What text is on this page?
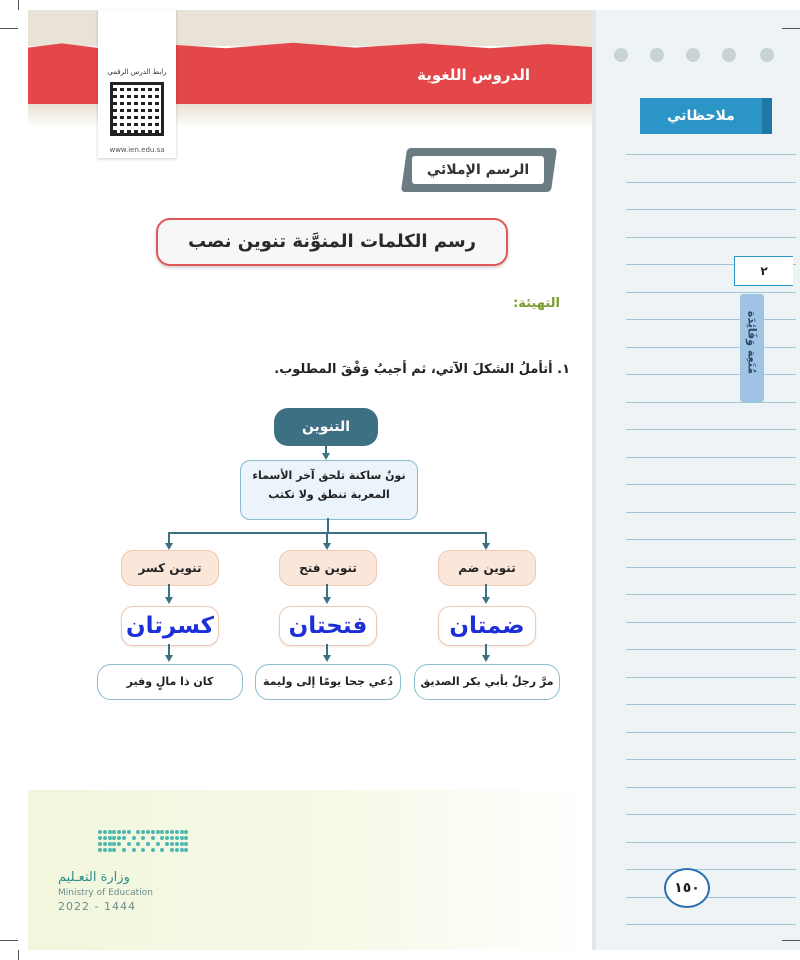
الدروس اللغوية
رابط الدرس الرقمي
www.ien.edu.sa
الرسم الإملائي
رسم الكلمات المنوَّنة تنوين نصب
التهيئة:
١. أتأملُ الشكلَ الآتي، ثم أجيبُ وَفْقَ المطلوب.
التنوين
نونٌ ساكنة تلحق آخر الأسماء
المعربة تنطق ولا تكتب
تنوين ضم
تنوين فتح
تنوين كسر
ضمتان
فتحتان
كسرتان
مرَّ رجلٌ بأبي بكر الصديق
دُعي جحا يومًا إلى وليمة
كان ذا مالٍ وفير
ملاحظاتي
٢
مُتَعِة وَفَائِدَة
١٥٠
وزارة التعـليم
Ministry of Education
2022 - 1444
